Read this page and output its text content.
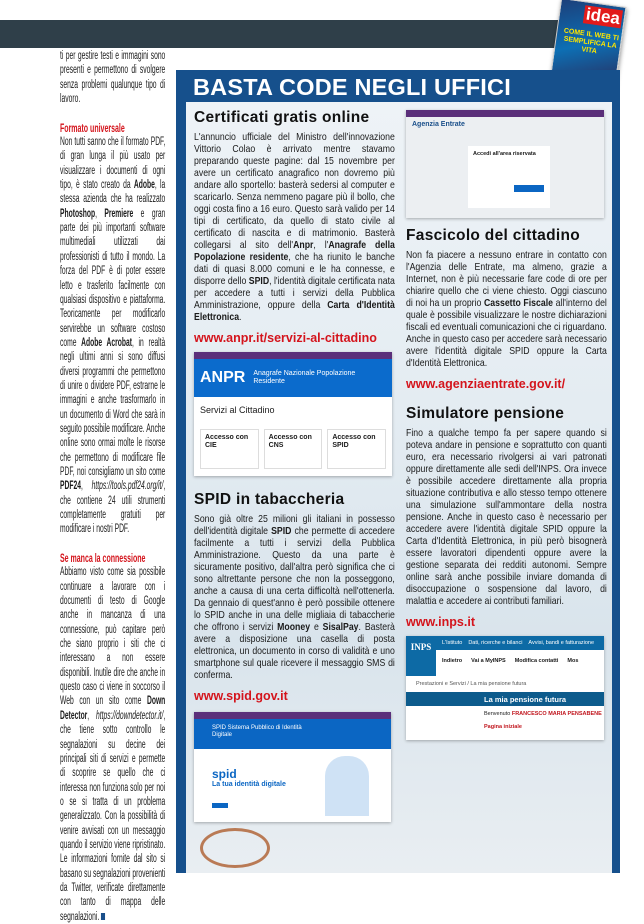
idea
COME IL WEB TI SEMPLIFICA LA VITA

ti per gestire testi e immagini sono presenti e permettono di svolgere senza problemi qualunque tipo di lavoro.

Formato universale

Non tutti sanno che il formato PDF, di gran lunga il più usato per visualizzare i documenti di ogni tipo, è stato creato da Adobe, la stessa azienda che ha realizzato Photoshop, Premiere e gran parte dei più importanti software multimediali utilizzati dai professionisti di tutto il mondo. La forza del PDF è di poter essere letto e trasferito facilmente con qualsiasi dispositivo e piattaforma. Teoricamente per modificarlo servirebbe un software costoso come Adobe Acrobat, in realtà negli ultimi anni si sono diffusi diversi programmi che permettono di unire o dividere PDF, estrarne le immagini e anche trasformarlo in un documento di Word che sarà in seguito possibile modificare. Anche online sono ormai molte le risorse che permettono di modificare file PDF, noi consigliamo un sito come PDF24, https://tools.pdf24.org/it/, che contiene 24 utili strumenti completamente gratuiti per modificare i nostri PDF.

Se manca la connessione

Abbiamo visto come sia possibile continuare a lavorare con i documenti di testo di Google anche in mancanza di una connessione, può capitare però che siano proprio i siti che ci interessano a non essere disponibili. Inutile dire che anche in questo caso ci viene in soccorso il Web con un sito come Down Detector, https://downdetector.it/, che tiene sotto controllo le segnalazioni su decine dei principali siti di servizi e permette di scoprire se quello che ci interessa non funziona solo per noi o se si tratta di un problema generalizzato. Con la possibilità di venire avvisati con un messaggio quando il servizio viene ripristinato. Le informazioni fornite dal sito si basano su segnalazioni provenienti da Twitter, verificate direttamente con tanto di mappa delle segnalazioni.

BASTA CODE NEGLI UFFICI
Certificati gratis online
L'annuncio ufficiale del Ministro dell'innovazione Vittorio Colao è arrivato mentre stavamo preparando queste pagine: dal 15 novembre per avere un certificato anagrafico non dovremo più andare allo sportello: basterà sedersi al computer e scaricarlo. Senza nemmeno pagare più il bollo, che oggi costa fino a 16 euro. Questo sarà valido per 14 tipi di certificato, da quello di stato civile al certificato di nascita e di matrimonio. Basterà collegarsi al sito dell'Anpr, l'Anagrafe della Popolazione residente, che ha riunito le banche dati di quasi 8.000 comuni e le ha connesse, e disporre dello SPID, l'identità digitale certificata nata per accedere a tutti i servizi della Pubblica Amministrazione, oppure della Carta d'Identità Elettronica.
www.anpr.it/servizi-al-cittadino
ANPR Anagrafe Nazionale Popolazione Residente
Servizi al Cittadino
Accesso con CIE
Accesso con CNS
Accesso con SPID
SPID in tabaccheria
Sono già oltre 25 milioni gli italiani in possesso dell'identità digitale SPID che permette di accedere facilmente a tutti i servizi della Pubblica Amministrazione. Questo da una parte è sicuramente positivo, dall'altra però significa che ci sono altrettante persone che non la posseggono, anche a causa di una certa difficoltà nell'ottenerla. Da gennaio di quest'anno è però possibile ottenere lo SPID anche in una delle migliaia di tabaccherie che offrono i servizi Mooney e SisalPay. Basterà avere a disposizione una casella di posta elettronica, un documento in corso di validità e uno smartphone sul quale ricevere il messaggio SMS di conferma.
www.spid.gov.it
SPID Sistema Pubblico di Identità Digitale
spid
La tua identità digitale
Agenzia Entrate
Accedi all'area riservata
Fascicolo del cittadino
Non fa piacere a nessuno entrare in contatto con l'Agenzia delle Entrate, ma almeno, grazie a Internet, non è più necessarie fare code di ore per chiarire quello che ci viene chiesto. Oggi ciascuno di noi ha un proprio Cassetto Fiscale all'interno del quale è possibile visualizzare le nostre dichiarazioni fiscali ed eventuali comunicazioni che ci riguardano. Anche in questo caso per accedere sarà necessario avere l'identità digitale SPID oppure la Carta d'Identità Elettronica.
www.agenziaentrate.gov.it/
Simulatore pensione
Fino a qualche tempo fa per sapere quando si poteva andare in pensione e soprattutto con quanti euro, era necessario rivolgersi ai vari patronati oppure direttamente alle sedi dell'INPS. Ora invece è possibile accedere direttamente alla propria situazione contributiva e allo stesso tempo ottenere una simulazione sull'ammontare della nostra pensione. Anche in questo caso è necessario per accedere avere l'identità digitale SPID oppure la Carta d'Identità Elettronica, in più però bisognerà essere lavoratori dipendenti oppure avere la gestione separata dei redditi autonomi. Sempre online sarà anche possibile inviare domanda di disoccupazione o sospensione dal lavoro, di malattia e accedere ai contributi familiari.
www.inps.it
INPS	L'Istituto Dati, ricerche e bilanci Avvisi, bandi e fatturazione
Indietro Vai a MyINPS Modifica contatti Mos
Prestazioni e Servizi / La mia pensione futura
La mia pensione futura
Benvenuto FRANCESCO MARIA PENSABENE
Pagina iniziale
